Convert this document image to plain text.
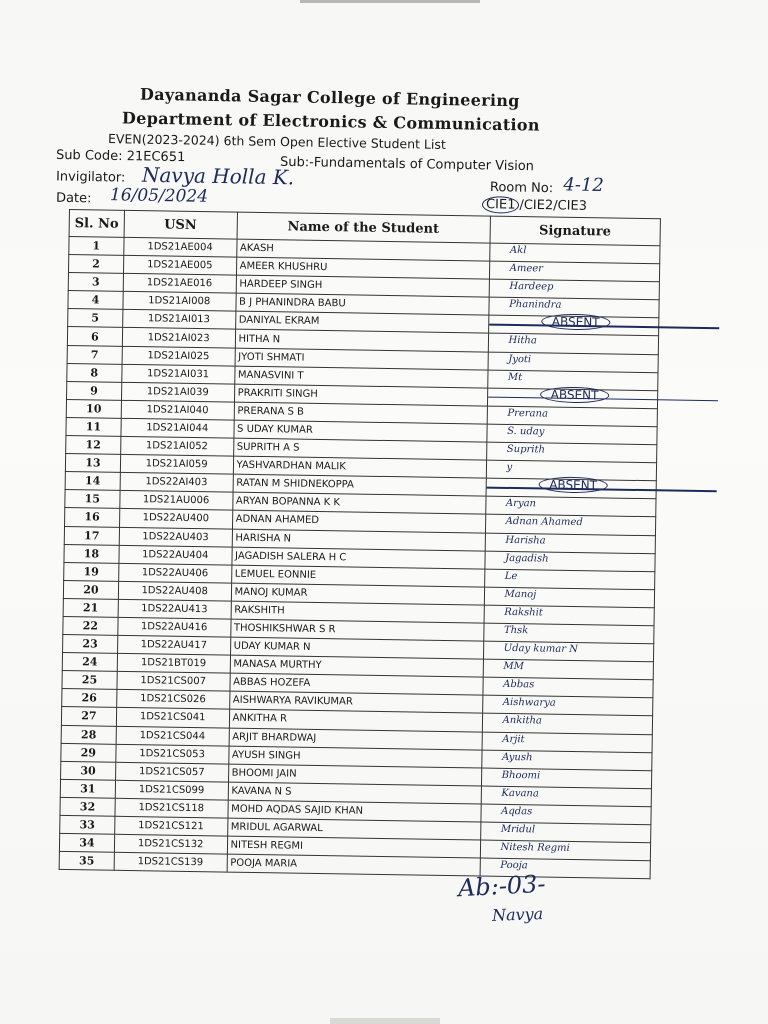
Dayananda Sagar College of Engineering
Department of Electronics & Communication
EVEN(2023-2024) 6th Sem Open Elective Student List
Sub Code: 21EC651	Sub:-Fundamentals of Computer Vision
Invigilator: Navya Holla K.
Date: 16/05/2024	Room No: 4-12
CIE1 /CIE2/CIE3
Sl. No	USN	Name of the Student	Signature
1	1DS21AE004	AKASH	Akl

2	1DS21AE005	AMEER KHUSHRU	Ameer

3	1DS21AE016	HARDEEP SINGH	Hardeep

4	1DS21AI008	B J PHANINDRA BABU	Phanindra

5	1DS21AI013	DANIYAL EKRAM	ABSENT

6	1DS21AI023	HITHA N	Hitha

7	1DS21AI025	JYOTI SHMATI	Jyoti

8	1DS21AI031	MANASVINI T	Mt

9	1DS21AI039	PRAKRITI SINGH	ABSENT

10	1DS21AI040	PRERANA S B	Prerana

11	1DS21AI044	S UDAY KUMAR	S. uday

12	1DS21AI052	SUPRITH A S	Suprith

13	1DS21AI059	YASHVARDHAN MALIK	y

14	1DS22AI403	RATAN M SHIDNEKOPPA	ABSENT

15	1DS21AU006	ARYAN BOPANNA K K	Aryan

16	1DS22AU400	ADNAN AHAMED	Adnan Ahamed

17	1DS22AU403	HARISHA N	Harisha

18	1DS22AU404	JAGADISH SALERA H C	Jagadish

19	1DS22AU406	LEMUEL EONNIE	Le

20	1DS22AU408	MANOJ KUMAR	Manoj

21	1DS22AU413	RAKSHITH	Rakshit

22	1DS22AU416	THOSHIKSHWAR S R	Thsk

23	1DS22AU417	UDAY KUMAR N	Uday kumar N

24	1DS21BT019	MANASA MURTHY	MM

25	1DS21CS007	ABBAS HOZEFA	Abbas

26	1DS21CS026	AISHWARYA RAVIKUMAR	Aishwarya

27	1DS21CS041	ANKITHA R	Ankitha

28	1DS21CS044	ARJIT BHARDWAJ	Arjit

29	1DS21CS053	AYUSH SINGH	Ayush

30	1DS21CS057	BHOOMI JAIN	Bhoomi

31	1DS21CS099	KAVANA N S	Kavana

32	1DS21CS118	MOHD AQDAS SAJID KHAN	Aqdas

33	1DS21CS121	MRIDUL AGARWAL	Mridul

34	1DS21CS132	NITESH REGMI	Nitesh Regmi

35	1DS21CS139	POOJA MARIA	Pooja
Ab:-03-
Navya
